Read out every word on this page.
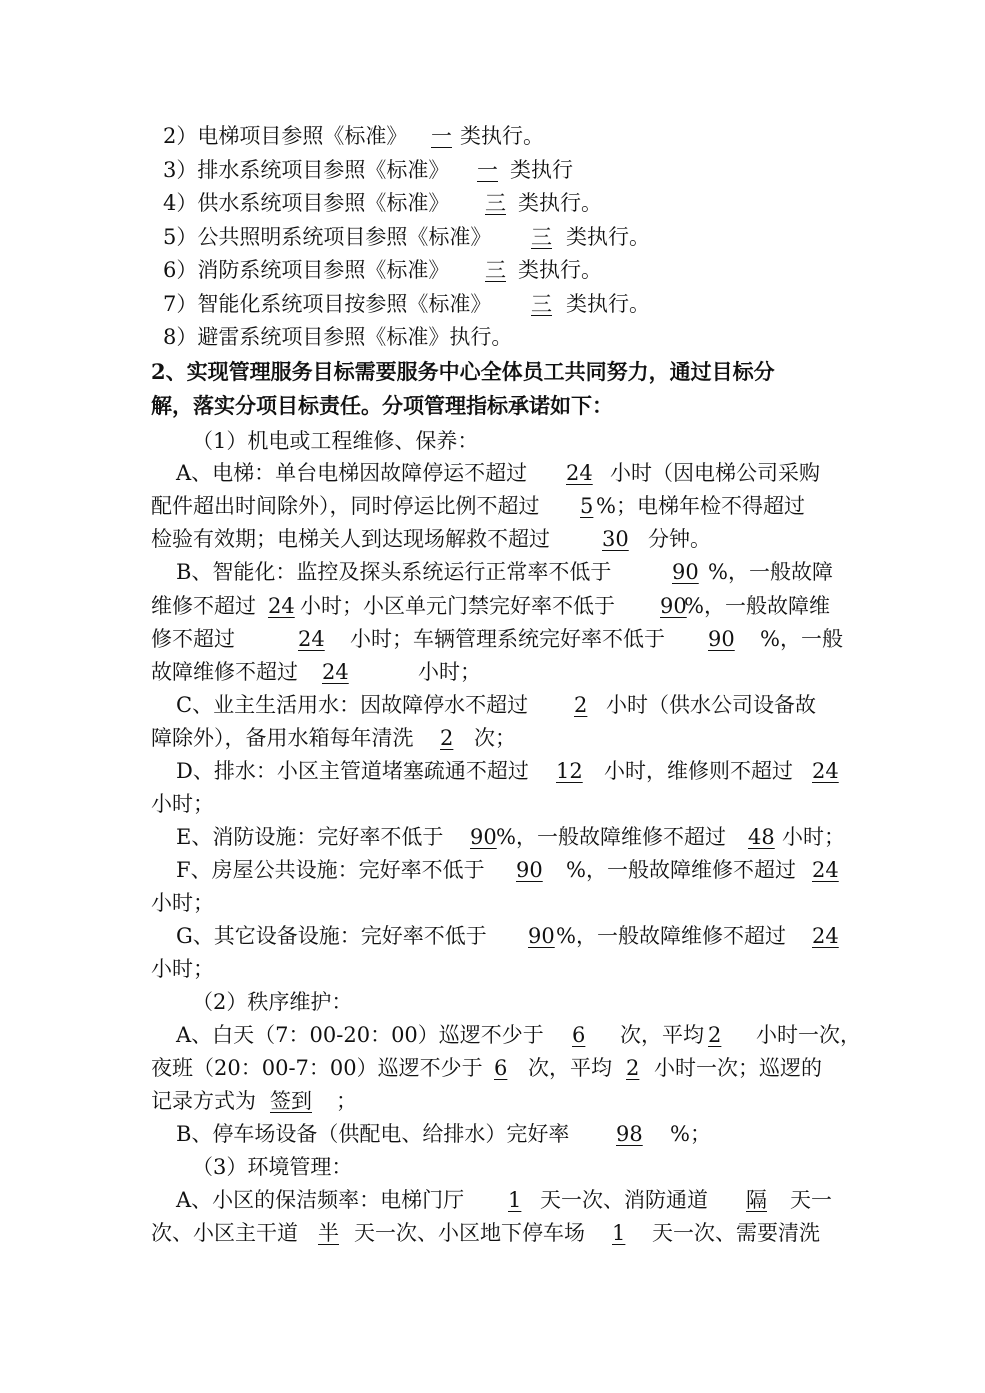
2）电梯项目参照《标准》 一 类执行。
3）排水系统项目参照《标准》 一 类执行
4）供水系统项目参照《标准》 三 类执行。
5）公共照明系统项目参照《标准》 三 类执行。
6）消防系统项目参照《标准》 三 类执行。
7）智能化系统项目按参照《标准》 三 类执行。
8）避雷系统项目参照《标准》执行。
2、实现管理服务目标需要服务中心全体员工共同努力，通过目标分
解，落实分项目标责任。分项管理指标承诺如下：
（1）机电或工程维修、保养：
A、电梯：单台电梯因故障停运不超过 24 小时（因电梯公司采购
配件超出时间除外），同时停运比例不超过 5 %；电梯年检不得超过
检验有效期；电梯关人到达现场解救不超过 30 分钟。
B、智能化：监控及探头系统运行正常率不低于	90 %，一般故障
维修不超过 24 小时；小区单元门禁完好率不低于 90
%，一般故障维
修不超过	24 小时；车辆管理系统完好率不低于 90 %，一般
故障维修不超过 24	小时；
C、业主生活用水：因故障停水不超过 2 小时（供水公司设备故
障除外），备用水箱每年清洗 2 次；
D、排水：小区主管道堵塞疏通不超过 12 小时，维修则不超过 24
小时；
E、消防设施：完好率不低于 90 %，一般故障维修不超过 48 小时；
F、房屋公共设施：完好率不低于 90 %，一般故障维修不超过 24
小时；
G、其它设备设施：完好率不低于 90 %，一般故障维修不超过 24
小时；
（2）秩序维护：
A、白天（7：00-20：00）巡逻不少于 6 次，平均 2 小时一次，
夜班（20：00-7：00）巡逻不少于 6 次，平均 2 小时一次；巡逻的
记录方式为 签到 ；
B、停车场设备（供配电、给排水）完好率 98 %；
（3）环境管理：
A、小区的保洁频率：电梯门厅 1 天一次、消防通道 隔 天一
次、小区主干道 半 天一次、小区地下停车场 1 天一次、需要清洗
